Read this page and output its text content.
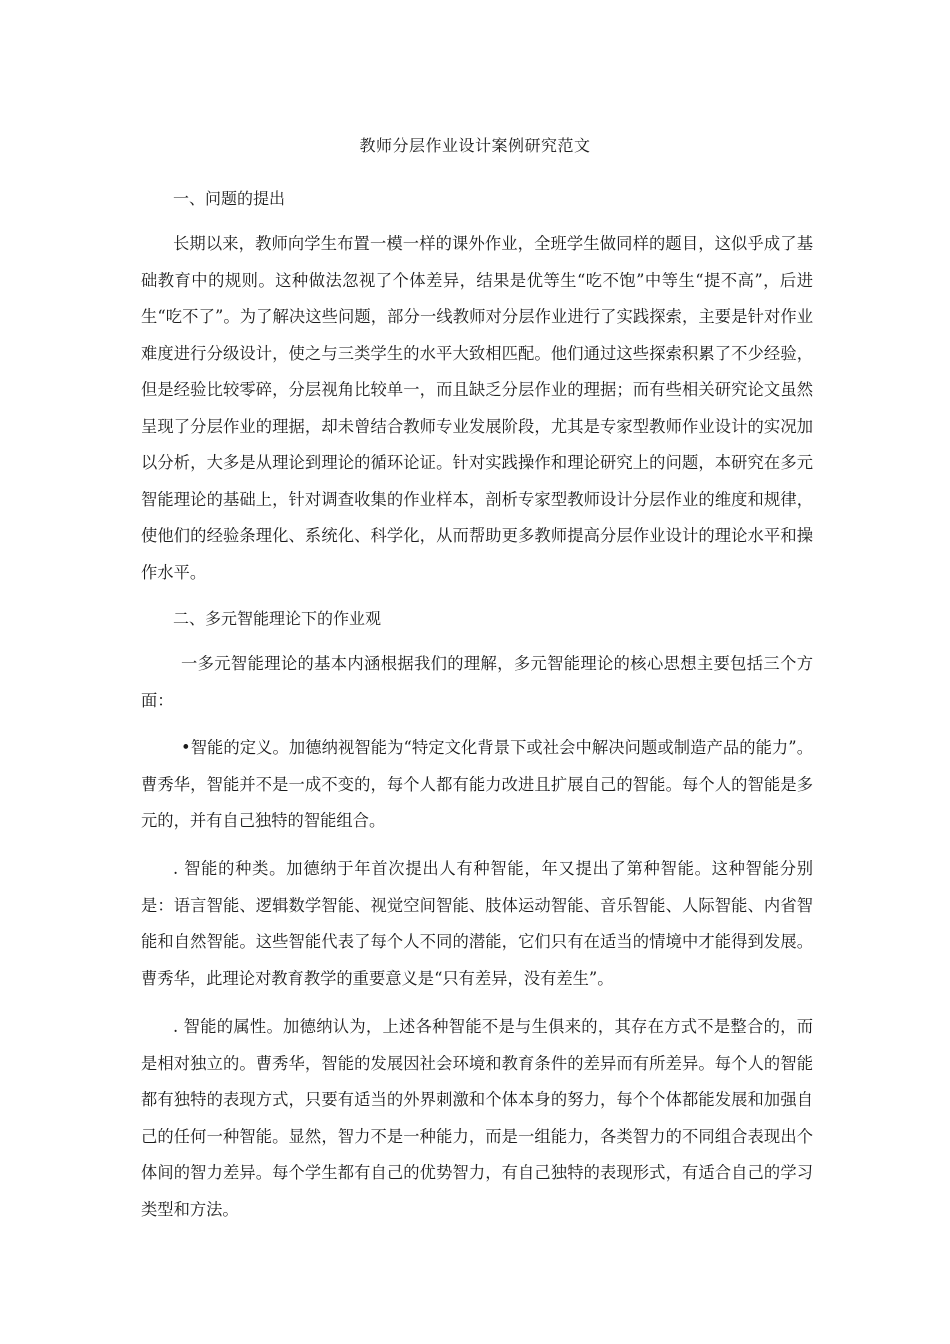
教师分层作业设计案例研究范文
一、问题的提出

长期以来，教师向学生布置一模一样的课外作业，全班学生做同样的题目，这似乎成了基础教育中的规则。这种做法忽视了个体差异，结果是优等生“吃不饱”中等生“提不高”，后进生“吃不了”。为了解决这些问题，部分一线教师对分层作业进行了实践探索，主要是针对作业难度进行分级设计，使之与三类学生的水平大致相匹配。他们通过这些探索积累了不少经验，但是经验比较零碎，分层视角比较单一，而且缺乏分层作业的理据；而有些相关研究论文虽然呈现了分层作业的理据，却未曾结合教师专业发展阶段，尤其是专家型教师作业设计的实况加以分析，大多是从理论到理论的循环论证。针对实践操作和理论研究上的问题，本研究在多元智能理论的基础上，针对调查收集的作业样本，剖析专家型教师设计分层作业的维度和规律，使他们的经验条理化、系统化、科学化，从而帮助更多教师提高分层作业设计的理论水平和操作水平。

二、多元智能理论下的作业观

一多元智能理论的基本内涵根据我们的理解，多元智能理论的核心思想主要包括三个方面：

•智能的定义。加德纳视智能为“特定文化背景下或社会中解决问题或制造产品的能力”。曹秀华，智能并不是一成不变的，每个人都有能力改进且扩展自己的智能。每个人的智能是多元的，并有自己独特的智能组合。

. 智能的种类。加德纳于年首次提出人有种智能，年又提出了第种智能。这种智能分别是：语言智能、逻辑数学智能、视觉空间智能、肢体运动智能、音乐智能、人际智能、内省智能和自然智能。这些智能代表了每个人不同的潜能，它们只有在适当的情境中才能得到发展。曹秀华，此理论对教育教学的重要意义是“只有差异，没有差生”。

. 智能的属性。加德纳认为，上述各种智能不是与生俱来的，其存在方式不是整合的，而是相对独立的。曹秀华，智能的发展因社会环境和教育条件的差异而有所差异。每个人的智能都有独特的表现方式，只要有适当的外界刺激和个体本身的努力，每个个体都能发展和加强自己的任何一种智能。显然，智力不是一种能力，而是一组能力，各类智力的不同组合表现出个体间的智力差异。每个学生都有自己的优势智力，有自己独特的表现形式，有适合自己的学习类型和方法。
